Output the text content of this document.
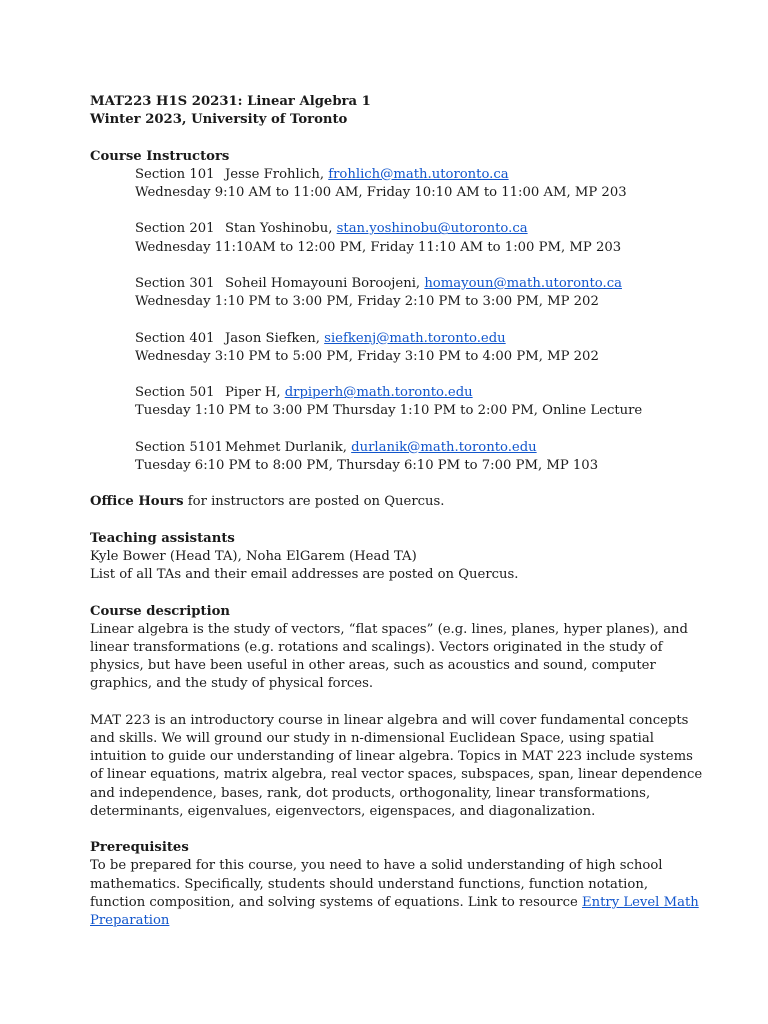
MAT223 H1S 20231: Linear Algebra 1
Winter 2023, University of Toronto
Course Instructors
Section 101 Jesse Frohlich, frohlich@math.utoronto.ca
Wednesday 9:10 AM to 11:00 AM, Friday 10:10 AM to 11:00 AM, MP 203
Section 201 Stan Yoshinobu, stan.yoshinobu@utoronto.ca
Wednesday 11:10AM to 12:00 PM, Friday 11:10 AM to 1:00 PM, MP 203
Section 301 Soheil Homayouni Boroojeni, homayoun@math.utoronto.ca
Wednesday 1:10 PM to 3:00 PM, Friday 2:10 PM to 3:00 PM, MP 202
Section 401 Jason Siefken, siefkenj@math.toronto.edu
Wednesday 3:10 PM to 5:00 PM, Friday 3:10 PM to 4:00 PM, MP 202
Section 501 Piper H, drpiperh@math.toronto.edu
Tuesday 1:10 PM to 3:00 PM Thursday 1:10 PM to 2:00 PM, Online Lecture
Section 5101 Mehmet Durlanik, durlanik@math.toronto.edu
Tuesday 6:10 PM to 8:00 PM, Thursday 6:10 PM to 7:00 PM, MP 103
Office Hours for instructors are posted on Quercus.
Teaching assistants
Kyle Bower (Head TA), Noha ElGarem (Head TA)
List of all TAs and their email addresses are posted on Quercus.
Course description
Linear algebra is the study of vectors, “flat spaces” (e.g. lines, planes, hyper planes), and
linear transformations (e.g. rotations and scalings). Vectors originated in the study of
physics, but have been useful in other areas, such as acoustics and sound, computer
graphics, and the study of physical forces.
MAT 223 is an introductory course in linear algebra and will cover fundamental concepts
and skills. We will ground our study in n-dimensional Euclidean Space, using spatial
intuition to guide our understanding of linear algebra. Topics in MAT 223 include systems
of linear equations, matrix algebra, real vector spaces, subspaces, span, linear dependence
and independence, bases, rank, dot products, orthogonality, linear transformations,
determinants, eigenvalues, eigenvectors, eigenspaces, and diagonalization.
Prerequisites
To be prepared for this course, you need to have a solid understanding of high school
mathematics. Specifically, students should understand functions, function notation,
function composition, and solving systems of equations. Link to resource Entry Level Math
Preparation
